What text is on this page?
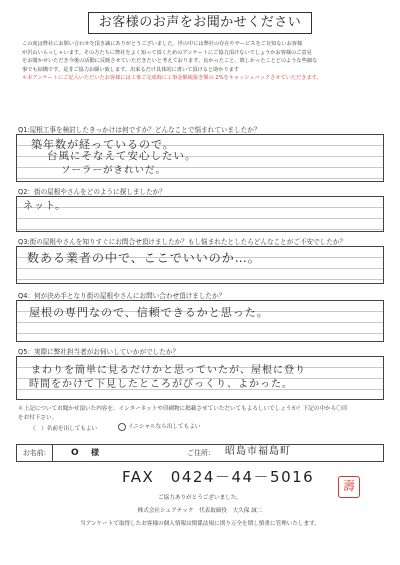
お客様のお声をお聞かせください

この度は弊社にお問い合わせを頂き誠にありがとうございました。世の中には弊社の存在やサービスをご存知ないお客様

が沢山いらっしゃいます。その方たちに弊社をよく知って頂くためのアンケートにご協力頂けないでしょうかお客様のご意見

をお聞かせいただき今後の活動に反映させていただきたいと考えております。良かったこと、嬉しかったことどのような些細な

事でも結構です。是非ご協力お願い致します。出来るだけ具体的に書いて頂けると助かります

＊本アンケートにご記入いただいたお客様には工事ご完成時に工事金額税抜き額の 2%をキャッシュバックさせていただきます。

Q1:屋根工事を検討したきっかけは何ですか？どんなことで悩まれていましたか？
築年数が経っているので。
台風にそなえて安心したい。
ソーラーがきれいだ。
Q2：街の屋根やさんをどのように探しましたか？
ネット。
Q3:街の屋根やさんを知りすぐにお問合せ頂けましたか？もし悩まれたとしたらどんなことがご不安でしたか？
数ある業者の中で、ここでいいのか…。
Q4：何が決め手となり街の屋根やさんにお問い合わせ頂けましたか？
屋根の専門なので、信頼できるかと思った。
Q5：実際に弊社担当者がお伺いしていかがでしたか？
まわりを簡単に見るだけかと思っていたが、屋根に登り
時間をかけて下見したところがびっくり、よかった。
＊上記についてお聞かせ頂いた内容を、インターネットや印刷物に掲載させていただいてもよろしいでしょうか？下記の中から〇印
をお付下さい。
（　）名前を出してもよい	イニシャルなら出してもよい
お名前:	O 様	ご住所： 昭島市福島町
FAX　0424－44－5016	壽
ご協力ありがとうございました。
株式会社シェアテック　代表取締役　大久保 誠二
当アンケートで取得したお客様の個人情報は関係法規に則り万全を期し慎重に管理いたします。
